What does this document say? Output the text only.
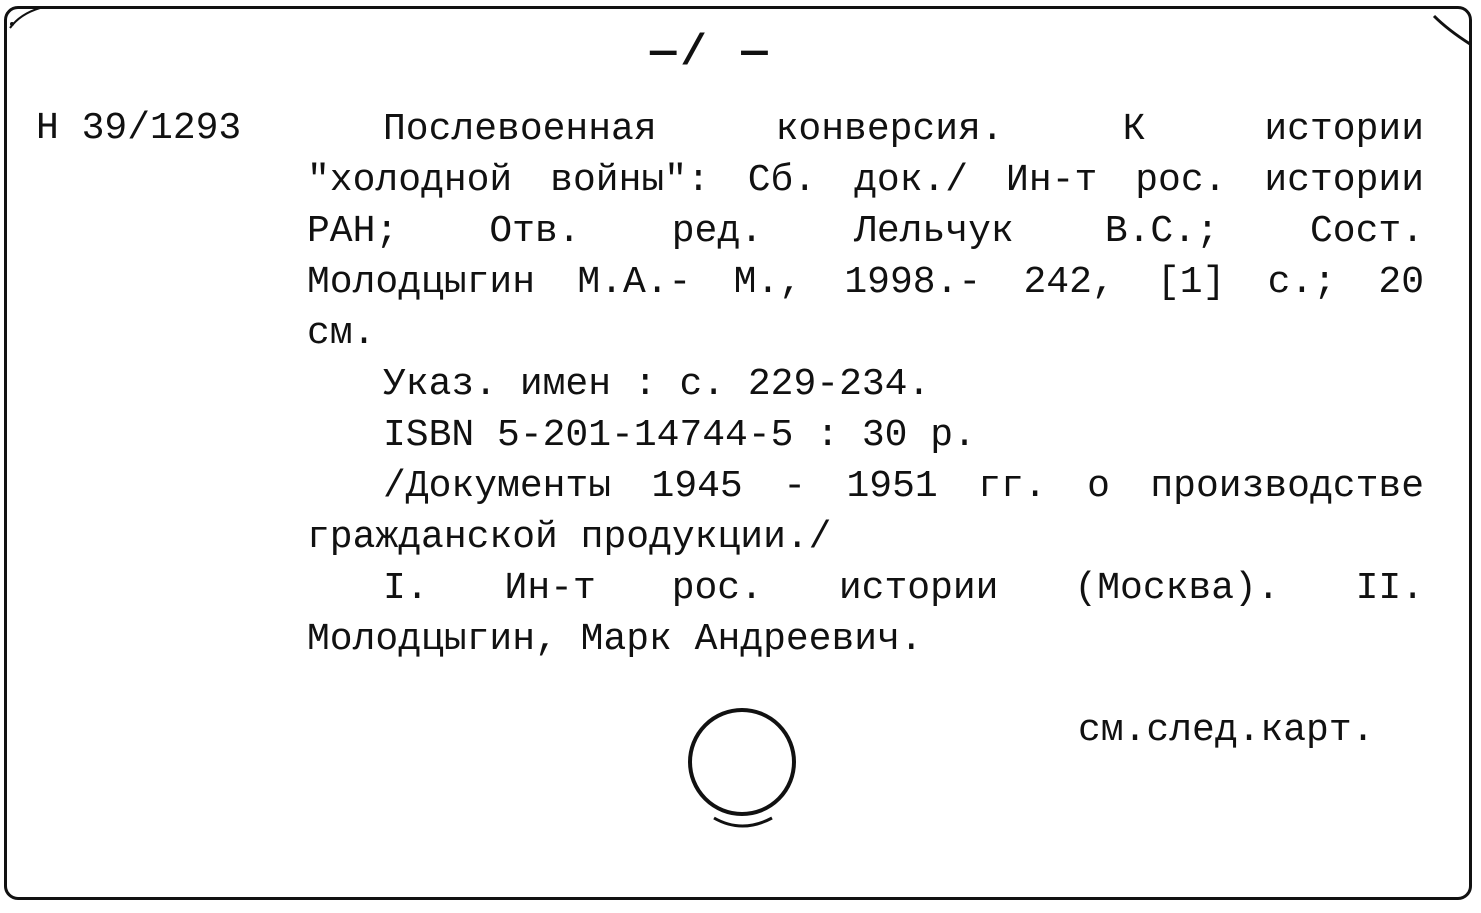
—/ —
Н 39/1293	Послевоенная конверсия. К истории
"холодной войны": Сб. док./ Ин-т рос. истории
РАН; Отв. ред. Лельчук В.С.; Сост.
Молодцыгин М.А.- М., 1998.- 242, [1] с.; 20
см.
Указ. имен : с. 229-234.
ISBN 5-201-14744-5 : 30 р.
/Документы 1945 - 1951 гг. о производстве
гражданской продукции./
I. Ин-т рос. истории (Москва). II.
Молодцыгин, Марк Андреевич.
см.след.карт.
